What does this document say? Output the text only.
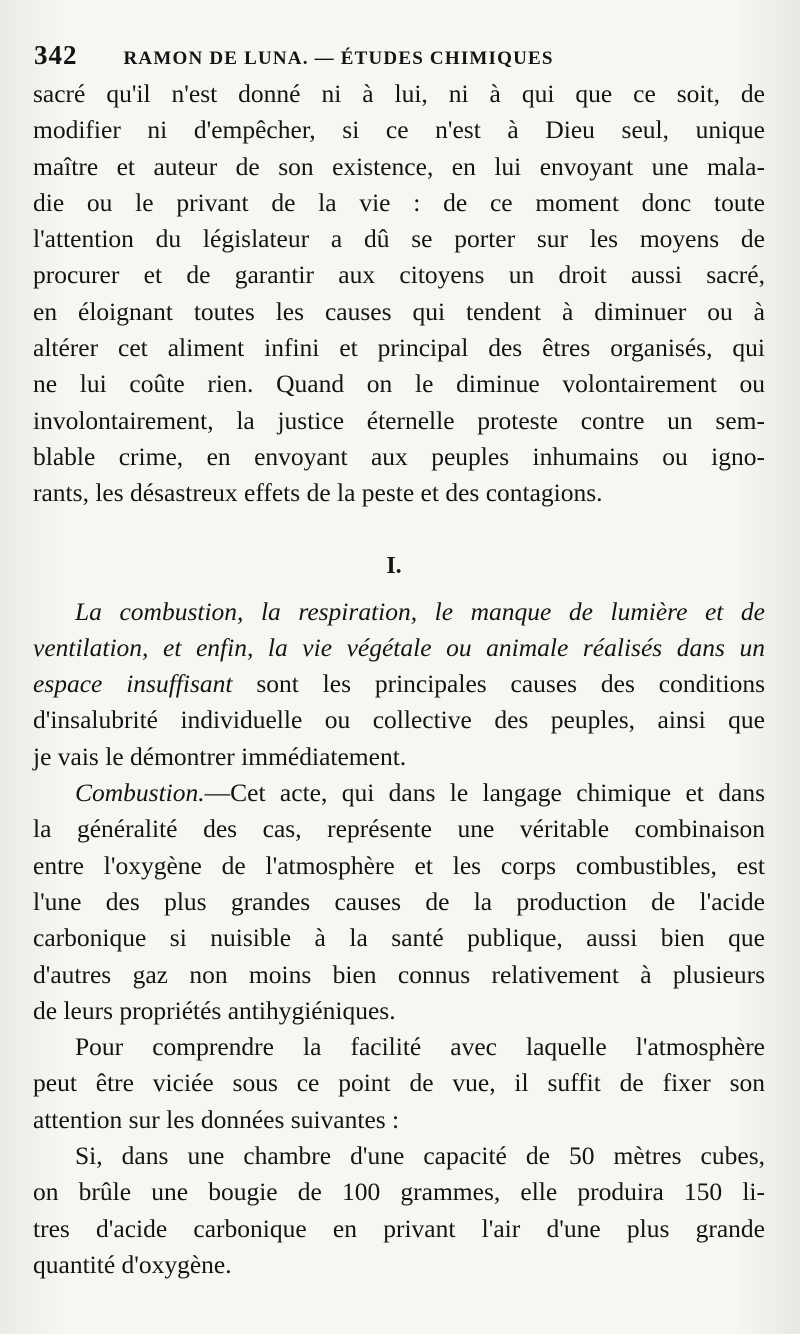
342 RAMON DE LUNA. — ÉTUDES CHIMIQUES
sacré qu'il n'est donné ni à lui, ni à qui que ce soit, de
modifier ni d'empêcher, si ce n'est à Dieu seul, unique
maître et auteur de son existence, en lui envoyant une mala-
die ou le privant de la vie : de ce moment donc toute
l'attention du législateur a dû se porter sur les moyens de
procurer et de garantir aux citoyens un droit aussi sacré,
en éloignant toutes les causes qui tendent à diminuer ou à
altérer cet aliment infini et principal des êtres organisés, qui
ne lui coûte rien. Quand on le diminue volontairement ou
involontairement, la justice éternelle proteste contre un sem-
blable crime, en envoyant aux peuples inhumains ou igno-
rants, les désastreux effets de la peste et des contagions.
I.
La combustion, la respiration, le manque de lumière et de
ventilation, et enfin, la vie végétale ou animale réalisés dans un
espace insuffisant sont les principales causes des conditions
d'insalubrité individuelle ou collective des peuples, ainsi que
je vais le démontrer immédiatement.
Combustion.—Cet acte, qui dans le langage chimique et dans
la généralité des cas, représente une véritable combinaison
entre l'oxygène de l'atmosphère et les corps combustibles, est
l'une des plus grandes causes de la production de l'acide
carbonique si nuisible à la santé publique, aussi bien que
d'autres gaz non moins bien connus relativement à plusieurs
de leurs propriétés antihygiéniques.
Pour comprendre la facilité avec laquelle l'atmosphère
peut être viciée sous ce point de vue, il suffit de fixer son
attention sur les données suivantes :
Si, dans une chambre d'une capacité de 50 mètres cubes,
on brûle une bougie de 100 grammes, elle produira 150 li-
tres d'acide carbonique en privant l'air d'une plus grande
quantité d'oxygène.
